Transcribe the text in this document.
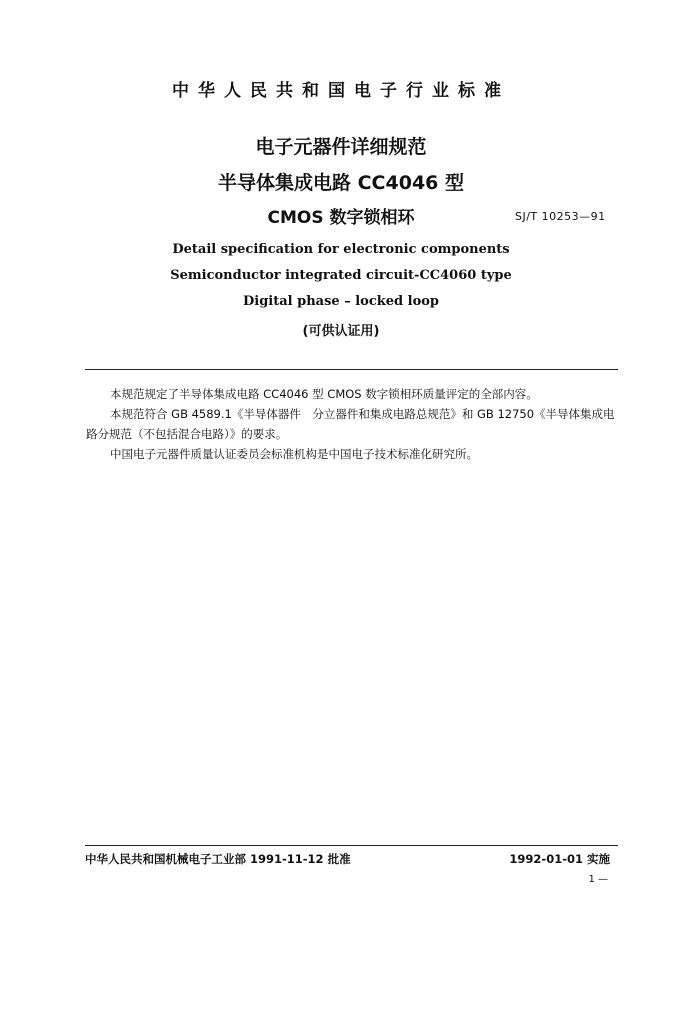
中华人民共和国电子行业标准
电子元器件详细规范
半导体集成电路 CC4046 型
CMOS 数字锁相环	SJ/T 10253—91
Detail specification for electronic components
Semiconductor integrated circuit-CC4060 type
Digital phase – locked loop
(可供认证用)
本规范规定了半导体集成电路 CC4046 型 CMOS 数字锁相环质量评定的全部内容。
本规范符合 GB 4589.1《半导体器件　分立器件和集成电路总规范》和 GB 12750《半导体集成电路分规范（不包括混合电路）》的要求。
中国电子元器件质量认证委员会标准机构是中国电子技术标准化研究所。
中华人民共和国机械电子工业部 1991-11-12 批准	1992-01-01 实施
1 —
